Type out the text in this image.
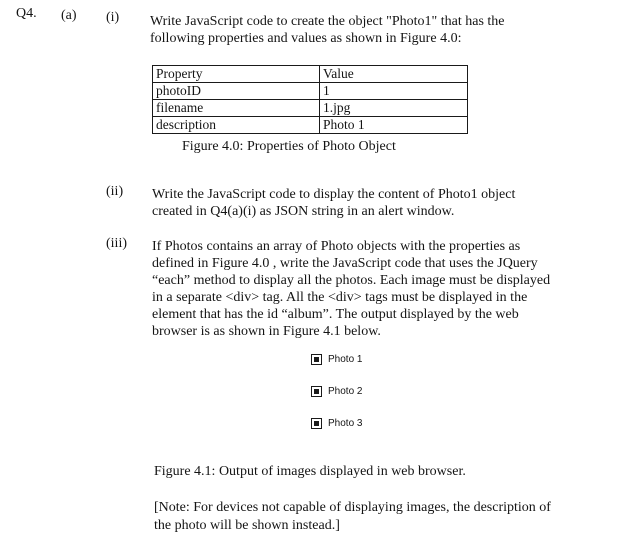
Q4. (a) (i) Write JavaScript code to create the object "Photo1" that has the
following properties and values as shown in Figure 4.0:
Property	Value
photoID	1
filename	1.jpg
description	Photo 1
Figure 4.0: Properties of Photo Object
(ii) Write the JavaScript code to display the content of Photo1 object
created in Q4(a)(i) as JSON string in an alert window.
(iii) If Photos contains an array of Photo objects with the properties as
defined in Figure 4.0 , write the JavaScript code that uses the JQuery
“each” method to display all the photos. Each image must be displayed
in a separate <div> tag. All the <div> tags must be displayed in the
element that has the id “album”. The output displayed by the web
browser is as shown in Figure 4.1 below.
Photo 1
Photo 2
Photo 3
Figure 4.1: Output of images displayed in web browser.
[Note: For devices not capable of displaying images, the description of
the photo will be shown instead.]
